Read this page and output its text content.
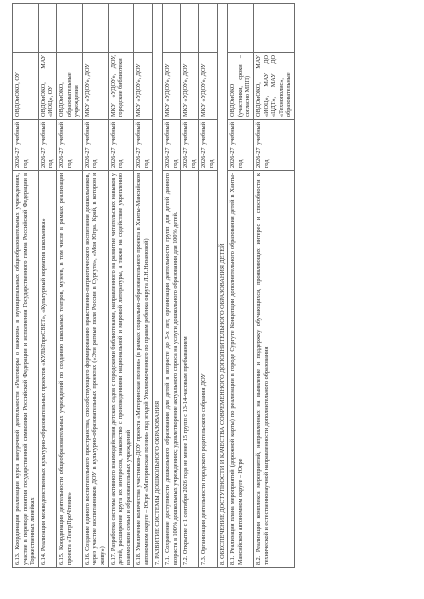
6.13. Координация реализации курса внеурочной деятельности «Разговоры о важном» в муниципальных общеобразовательных учреждениях, участие в переводе понятия государственной символики Российской Федерации и исполнения Государственного гимна Российской Федерации в Торжественных линейках	2026-27 учебный год	ОВДОиОКО, ОУ	
6.14. Реализация межведомственных культурно-образовательных проектов «КУЛЬТпроСВЕТ», «Культурный норматив школьника»	2026-27 учебный год	ОВДОиОКО, МАУ «ИОЦ», ОУ	
6.15. Координация деятельности общеобразовательных учреждений по созданию школьных театров, музеев, в том числе в рамках реализации проекта «ТеатрПроЧтение»	2026-27 учебный год	ОВДОиОКО, образовательные учреждения	
6.16. Создание единого воспитательного пространства, способствующего формированию нравственно-патриотического воспитания дошкольников, через участие воспитанников ДОУ в культурно-образовательных проектах («Эти ратные поля России в Сургуте», «Моя Югра. Край, в котором я живу»)	2026-27 учебный год	МКУ «УДОУ», ДОУ	
6.17. Разработка системы активного взаимодействия детских садов с городскими библиотеками, направленного на развитие читательских навыков у детей, расширение круга их интересов, знакомство с произведениями национальной и мировой литературы, а также на содействие укреплению взаимосвязи семьи и образовательных учреждений	2026-27 учебный год	МКУ «УДОУ», ДОУ, городские библиотеки	
6.18. Увеличение количества участников-ДОУ проекта «Материнская поэзия» (в рамках социально-образовательного проекта в Ханты-Мансийском автономном округе – Югре «Материнская поэзия» под эгидой Уполномоченного по правам ребенка округа Л.Н.Низамовой)	2026-27 учебный год	МКУ «УДОУ», ДОУ	
7. РАЗВИТИЕ СИСТЕМЫ ДОШКОЛЬНОГО ОБРАЗОВАНИЯ			
7.1. Сохранение доступности дошкольного образования для детей в возрасте до 3-х лет, организация деятельности групп для детей данного возраста в 100% дошкольных учреждениях; удовлетворение актуального спроса на услуги дошкольного образования для 100% детей.	2026-27 учебный год	МКУ «УДОУ», ДОУ	
7.2. Открытие с 1 сентября 2026 года не менее 15 групп с 13-14-часовым пребыванием	2026-27 учебный год	МКУ «УДОУ», ДОУ	
7.3. Организация деятельности городского родительского собрания ДОУ	2026-27 учебный год	МКУ «УДОУ», ДОУ	
8. ОБЕСПЕЧЕНИЕ ДОСТУПНОСТИ И КАЧЕСТВА СОВРЕМЕННОГО ДОПОЛНИТЕЛЬНОГО ОБРАЗОВАНИЯ ДЕТЕЙ			
8.1. Реализация плана мероприятий (дорожной карты) по реализации в городе Сургуте Концепции дополнительного образования детей в Ханты-Мансийском автономном округе – Югре	2026-27 учебный год	ОВДОиОКО (участники, сроки – согласно МПП)	
8.2. Реализация комплекса мероприятий, направленных на выявление и поддержку обучающихся, проявляющих интерес и способности к технической и естественнонаучной направленности дополнительного образования	2026-27 учебный год	ОВДОиОКО, МАУ «ИОЦ», МАУ ДО «ЦДТ», МАУ ДО «Технополис», образовательные	
